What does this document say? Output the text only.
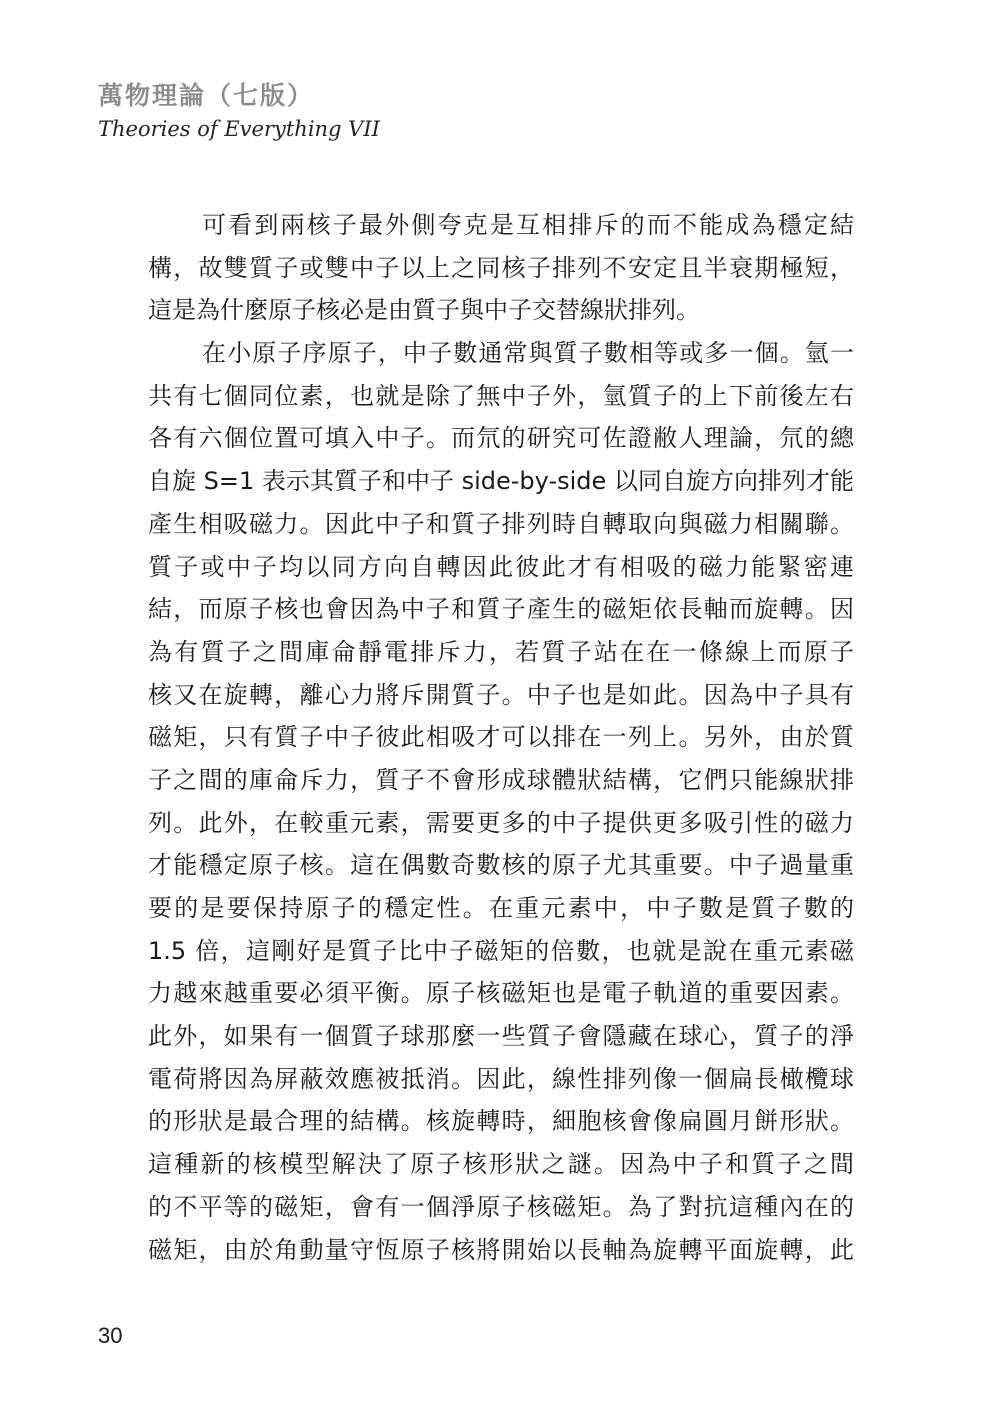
萬物理論（七版）
Theories of Everything VII
可看到兩核子最外側夸克是互相排斥的而不能成為穩定結
構，故雙質子或雙中子以上之同核子排列不安定且半衰期極短，
這是為什麼原子核必是由質子與中子交替線狀排列。
在小原子序原子，中子數通常與質子數相等或多一個。氫一
共有七個同位素，也就是除了無中子外，氫質子的上下前後左右
各有六個位置可填入中子。而氘的研究可佐證敝人理論，氘的總
自旋 S=1 表示其質子和中子 side-by-side 以同自旋方向排列才能
產生相吸磁力。因此中子和質子排列時自轉取向與磁力相關聯。
質子或中子均以同方向自轉因此彼此才有相吸的磁力能緊密連
結，而原子核也會因為中子和質子產生的磁矩依長軸而旋轉。因
為有質子之間庫侖靜電排斥力，若質子站在在一條線上而原子
核又在旋轉，離心力將斥開質子。中子也是如此。因為中子具有
磁矩，只有質子中子彼此相吸才可以排在一列上。另外，由於質
子之間的庫侖斥力，質子不會形成球體狀結構，它們只能線狀排
列。此外，在較重元素，需要更多的中子提供更多吸引性的磁力
才能穩定原子核。這在偶數奇數核的原子尤其重要。中子過量重
要的是要保持原子的穩定性。在重元素中，中子數是質子數的
1.5 倍，這剛好是質子比中子磁矩的倍數，也就是說在重元素磁
力越來越重要必須平衡。原子核磁矩也是電子軌道的重要因素。
此外，如果有一個質子球那麼一些質子會隱藏在球心，質子的淨
電荷將因為屏蔽效應被抵消。因此，線性排列像一個扁長橄欖球
的形狀是最合理的結構。核旋轉時，細胞核會像扁圓月餅形狀。
這種新的核模型解決了原子核形狀之謎。因為中子和質子之間
的不平等的磁矩，會有一個淨原子核磁矩。為了對抗這種內在的
磁矩，由於角動量守恆原子核將開始以長軸為旋轉平面旋轉，此
30
